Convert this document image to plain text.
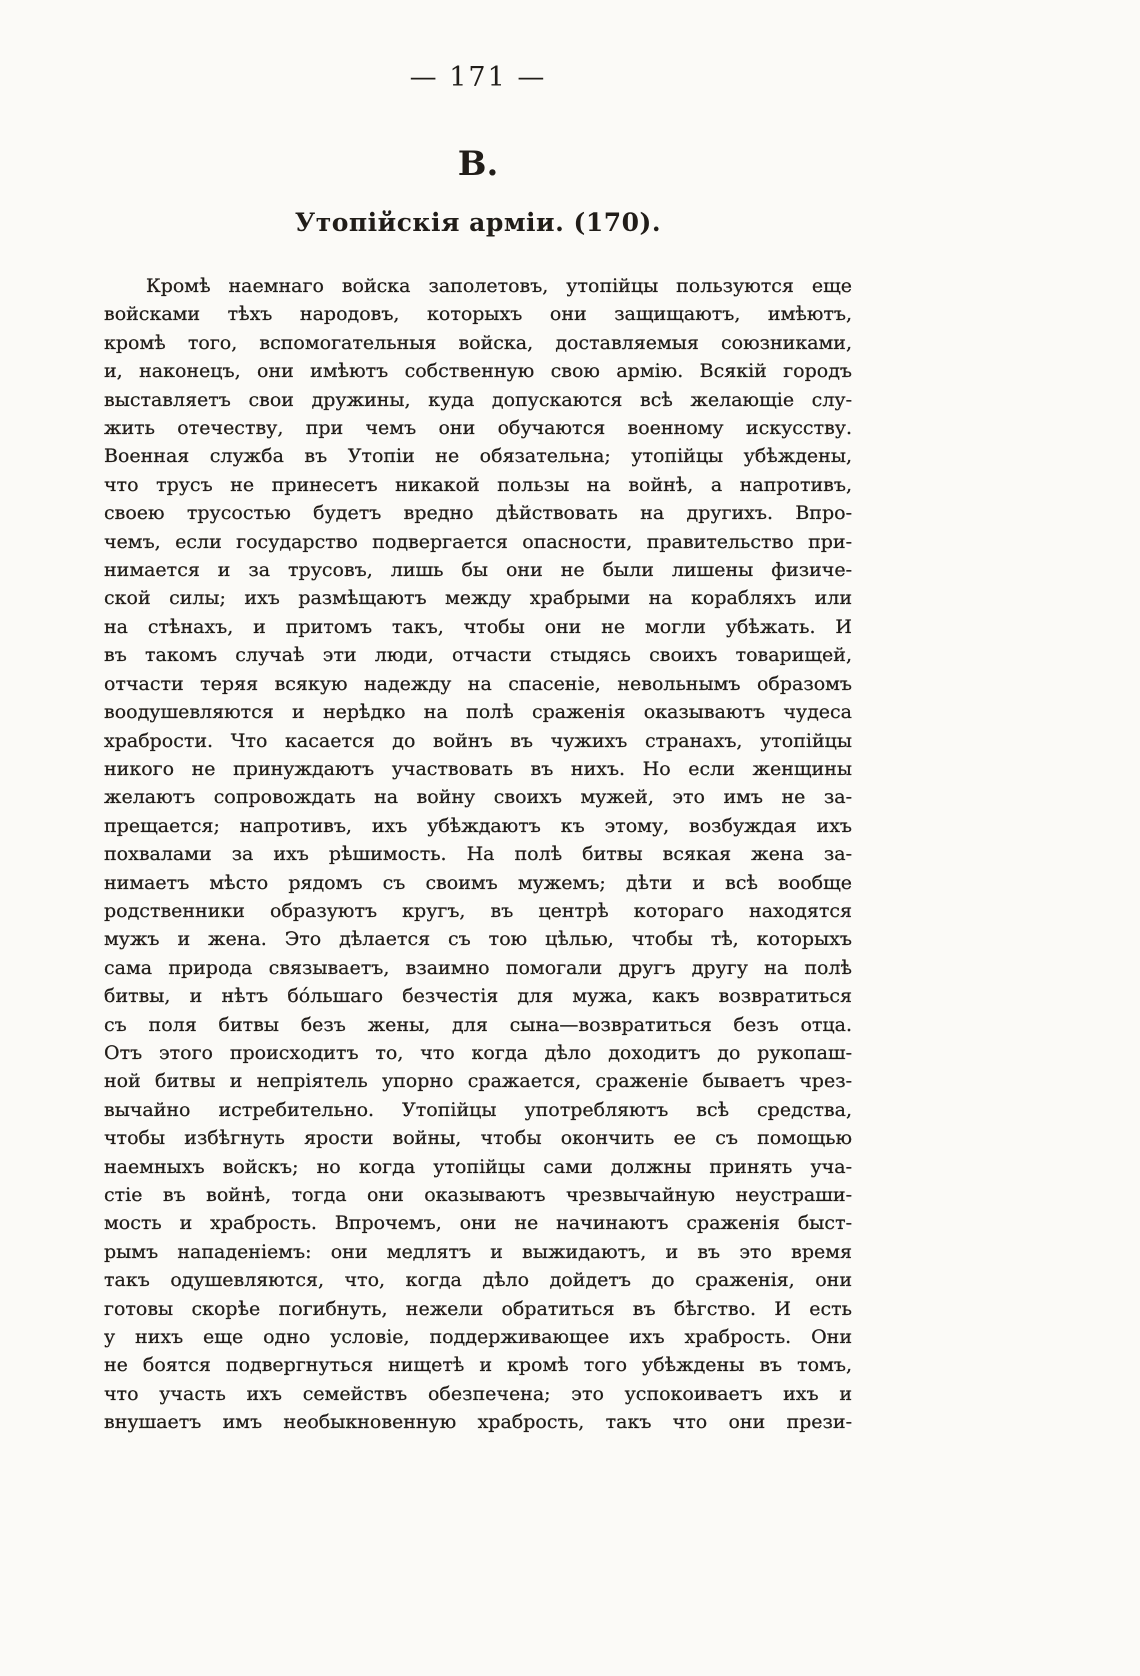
— 171 —
В.
Утопійскія арміи. (170).
Кромѣ наемнаго войска заполетовъ, утопійцы пользуются еще
войсками тѣхъ народовъ, которыхъ они защищаютъ, имѣютъ,
кромѣ того, вспомогательныя войска, доставляемыя союзниками,
и, наконецъ, они имѣютъ собственную свою армію. Всякій городъ
выставляетъ свои дружины, куда допускаются всѣ желающіе слу-
жить отечеству, при чемъ они обучаются военному искусству.
Военная служба въ Утопіи не обязательна; утопійцы убѣждены,
что трусъ не принесетъ никакой пользы на войнѣ, а напротивъ,
своею трусостью будетъ вредно дѣйствовать на другихъ. Впро-
чемъ, если государство подвергается опасности, правительство при-
нимается и за трусовъ, лишь бы они не были лишены физиче-
ской силы; ихъ размѣщаютъ между храбрыми на корабляхъ или
на стѣнахъ, и притомъ такъ, чтобы они не могли убѣжать. И
въ такомъ случаѣ эти люди, отчасти стыдясь своихъ товарищей,
отчасти теряя всякую надежду на спасеніе, невольнымъ образомъ
воодушевляются и нерѣдко на полѣ сраженія оказываютъ чудеса
храбрости. Что касается до войнъ въ чужихъ странахъ, утопійцы
никого не принуждаютъ участвовать въ нихъ. Но если женщины
желаютъ сопровождать на войну своихъ мужей, это имъ не за-
прещается; напротивъ, ихъ убѣждаютъ къ этому, возбуждая ихъ
похвалами за ихъ рѣшимость. На полѣ битвы всякая жена за-
нимаетъ мѣсто рядомъ съ своимъ мужемъ; дѣти и всѣ вообще
родственники образуютъ кругъ, въ центрѣ котораго находятся
мужъ и жена. Это дѣлается съ тою цѣлью, чтобы тѣ, которыхъ
сама природа связываетъ, взаимно помогали другъ другу на полѣ
битвы, и нѣтъ бо́льшаго безчестія для мужа, какъ возвратиться
съ поля битвы безъ жены, для сына—возвратиться безъ отца.
Отъ этого происходитъ то, что когда дѣло доходитъ до рукопаш-
ной битвы и непріятель упорно сражается, сраженіе бываетъ чрез-
вычайно истребительно. Утопійцы употребляютъ всѣ средства,
чтобы избѣгнуть ярости войны, чтобы окончить ее съ помощью
наемныхъ войскъ; но когда утопійцы сами должны принять уча-
стіе въ войнѣ, тогда они оказываютъ чрезвычайную неустраши-
мость и храбрость. Впрочемъ, они не начинаютъ сраженія быст-
рымъ нападеніемъ: они медлятъ и выжидаютъ, и въ это время
такъ одушевляются, что, когда дѣло дойдетъ до сраженія, они
готовы скорѣе погибнуть, нежели обратиться въ бѣгство. И есть
у нихъ еще одно условіе, поддерживающее ихъ храбрость. Они
не боятся подвергнуться нищетѣ и кромѣ того убѣждены въ томъ,
что участь ихъ семействъ обезпечена; это успокоиваетъ ихъ и
внушаетъ имъ необыкновенную храбрость, такъ что они прези-
